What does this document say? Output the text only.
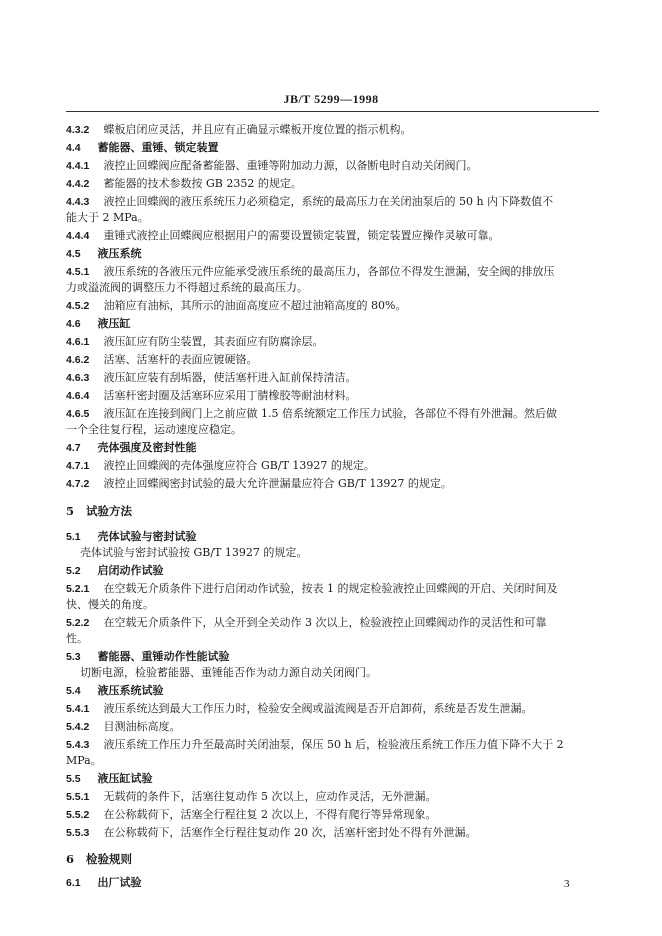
JB/T 5299—1998
4.3.2 蝶板启闭应灵活，并且应有正确显示蝶板开度位置的指示机构。
4.4 蓄能器、重锤、锁定装置
4.4.1 液控止回蝶阀应配备蓄能器、重锤等附加动力源，以备断电时自动关闭阀门。
4.4.2 蓄能器的技术参数按 GB 2352 的规定。
4.4.3 液控止回蝶阀的液压系统压力必须稳定，系统的最高压力在关闭油泵后的 50 h 内下降数值不
能大于 2 MPa。
4.4.4 重锤式液控止回蝶阀应根据用户的需要设置锁定装置，锁定装置应操作灵敏可靠。
4.5 液压系统
4.5.1 液压系统的各液压元件应能承受液压系统的最高压力，各部位不得发生泄漏，安全阀的排放压
力或溢流阀的调整压力不得超过系统的最高压力。
4.5.2 油箱应有油标，其所示的油面高度应不超过油箱高度的 80%。
4.6 液压缸
4.6.1 液压缸应有防尘装置，其表面应有防腐涂层。
4.6.2 活塞、活塞杆的表面应镀硬铬。
4.6.3 液压缸应装有刮垢器，使活塞杆进入缸前保持清洁。
4.6.4 活塞杆密封圈及活塞环应采用丁腈橡胶等耐油材料。
4.6.5 液压缸在连接到阀门上之前应做 1.5 倍系统额定工作压力试验，各部位不得有外泄漏。然后做
一个全往复行程，运动速度应稳定。
4.7 壳体强度及密封性能
4.7.1 液控止回蝶阀的壳体强度应符合 GB/T 13927 的规定。
4.7.2 液控止回蝶阀密封试验的最大允许泄漏量应符合 GB/T 13927 的规定。
5 试验方法
5.1 壳体试验与密封试验
壳体试验与密封试验按 GB/T 13927 的规定。
5.2 启闭动作试验
5.2.1 在空载无介质条件下进行启闭动作试验，按表 1 的规定检验液控止回蝶阀的开启、关闭时间及
快、慢关的角度。
5.2.2 在空载无介质条件下，从全开到全关动作 3 次以上，检验液控止回蝶阀动作的灵活性和可靠
性。
5.3 蓄能器、重锤动作性能试验
切断电源，检验蓄能器、重锤能否作为动力源自动关闭阀门。
5.4 液压系统试验
5.4.1 液压系统达到最大工作压力时，检验安全阀或溢流阀是否开启卸荷，系统是否发生泄漏。
5.4.2 目测油标高度。
5.4.3 液压系统工作压力升至最高时关闭油泵，保压 50 h 后，检验液压系统工作压力值下降不大于 2
MPa。
5.5 液压缸试验
5.5.1 无载荷的条件下，活塞往复动作 5 次以上，应动作灵活，无外泄漏。
5.5.2 在公称载荷下，活塞全行程往复 2 次以上，不得有爬行等异常现象。
5.5.3 在公称载荷下，活塞作全行程往复动作 20 次，活塞杆密封处不得有外泄漏。
6 检验规则
6.1 出厂试验	3
